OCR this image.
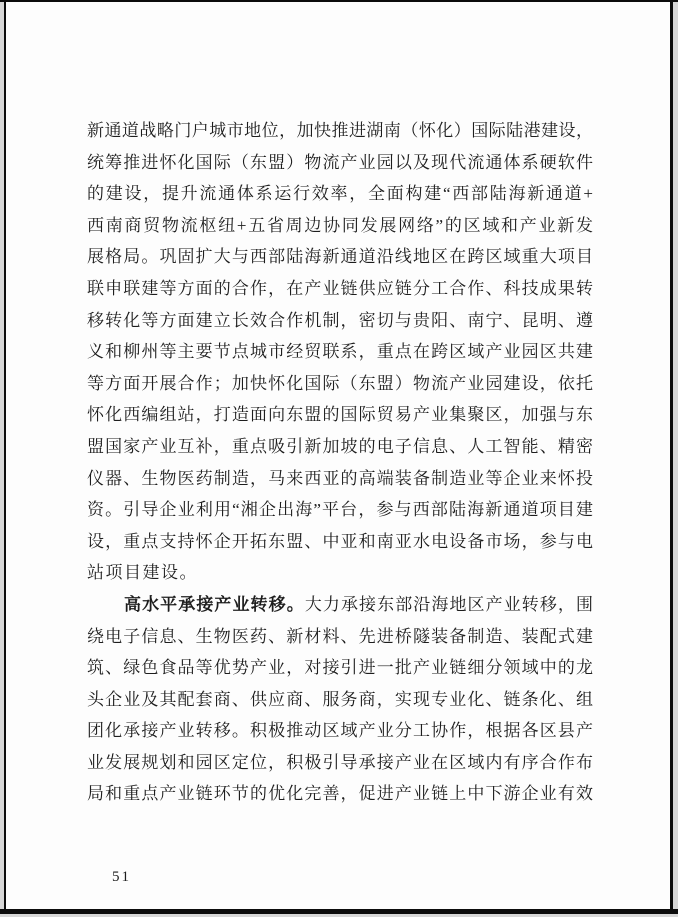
新通道战略门户城市地位，加快推进湖南（怀化）国际陆港建设，
统筹推进怀化国际（东盟）物流产业园以及现代流通体系硬软件
的建设，提升流通体系运行效率，全面构建“西部陆海新通道+
西南商贸物流枢纽+五省周边协同发展网络”的区域和产业新发
展格局。巩固扩大与西部陆海新通道沿线地区在跨区域重大项目
联申联建等方面的合作，在产业链供应链分工合作、科技成果转
移转化等方面建立长效合作机制，密切与贵阳、南宁、昆明、遵
义和柳州等主要节点城市经贸联系，重点在跨区域产业园区共建
等方面开展合作；加快怀化国际（东盟）物流产业园建设，依托
怀化西编组站，打造面向东盟的国际贸易产业集聚区，加强与东
盟国家产业互补，重点吸引新加坡的电子信息、人工智能、精密
仪器、生物医药制造，马来西亚的高端装备制造业等企业来怀投
资。引导企业利用“湘企出海”平台，参与西部陆海新通道项目建
设，重点支持怀企开拓东盟、中亚和南亚水电设备市场，参与电
站项目建设。
高水平承接产业转移。大力承接东部沿海地区产业转移，围
绕电子信息、生物医药、新材料、先进桥隧装备制造、装配式建
筑、绿色食品等优势产业，对接引进一批产业链细分领域中的龙
头企业及其配套商、供应商、服务商，实现专业化、链条化、组
团化承接产业转移。积极推动区域产业分工协作，根据各区县产
业发展规划和园区定位，积极引导承接产业在区域内有序合作布
局和重点产业链环节的优化完善，促进产业链上中下游企业有效
51
